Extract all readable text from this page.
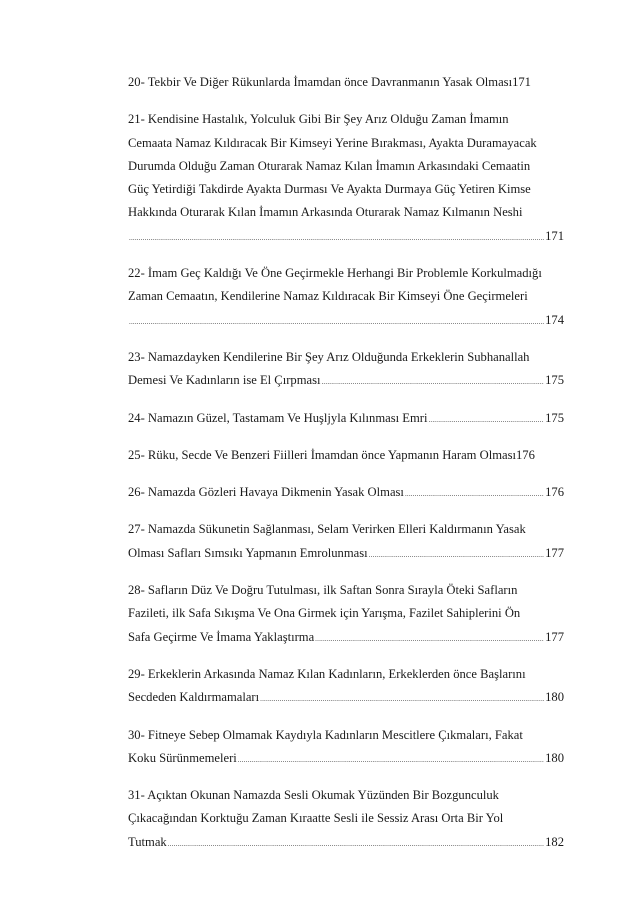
20- Tekbir Ve Diğer Rükunlarda İmamdan önce Davranmanın Yasak Olması 171
21- Kendisine Hastalık, Yolculuk Gibi Bir Şey Arız Olduğu Zaman İmamın
Cemaata Namaz Kıldıracak Bir Kimseyi Yerine Bırakması, Ayakta Duramayacak
Durumda Olduğu Zaman Oturarak Namaz Kılan İmamın Arkasındaki Cemaatin
Güç Yetirdiği Takdirde Ayakta Durması Ve Ayakta Durmaya Güç Yetiren Kimse
Hakkında Oturarak Kılan İmamın Arkasında Oturarak Namaz Kılmanın Neshi
.....
171
22- İmam Geç Kaldığı Ve Öne Geçirmekle Herhangi Bir Problemle Korkulmadığı
Zaman Cemaatın, Kendilerine Namaz Kıldıracak Bir Kimseyi Öne Geçirmeleri
.....
174
23- Namazdayken Kendilerine Bir Şey Arız Olduğunda Erkeklerin Subhanallah
Demesi Ve Kadınların ise El Çırpması .....	175
24- Namazın Güzel, Tastamam Ve Huşljyla Kılınması Emri .....	175
25- Rüku, Secde Ve Benzeri Fiilleri İmamdan önce Yapmanın Haram Olması 176
26- Namazda Gözleri Havaya Dikmenin Yasak Olması .....	176
27- Namazda Sükunetin Sağlanması, Selam Verirken Elleri Kaldırmanın Yasak
Olması Safları Sımsıkı Yapmanın Emrolunması .....	177
28- Safların Düz Ve Doğru Tutulması, ilk Saftan Sonra Sırayla Öteki Safların
Fazileti, ilk Safa Sıkışma Ve Ona Girmek için Yarışma, Fazilet Sahiplerini Ön
Safa Geçirme Ve İmama Yaklaştırma .....	177
29- Erkeklerin Arkasında Namaz Kılan Kadınların, Erkeklerden önce Başlarını
Secdeden Kaldırmamaları .....	180
30- Fitneye Sebep Olmamak Kaydıyla Kadınların Mescitlere Çıkmaları, Fakat
Koku Sürünmemeleri .....	180
31- Açıktan Okunan Namazda Sesli Okumak Yüzünden Bir Bozgunculuk
Çıkacağından Korktuğu Zaman Kıraatte Sesli ile Sessiz Arası Orta Bir Yol
Tutmak .....	182
